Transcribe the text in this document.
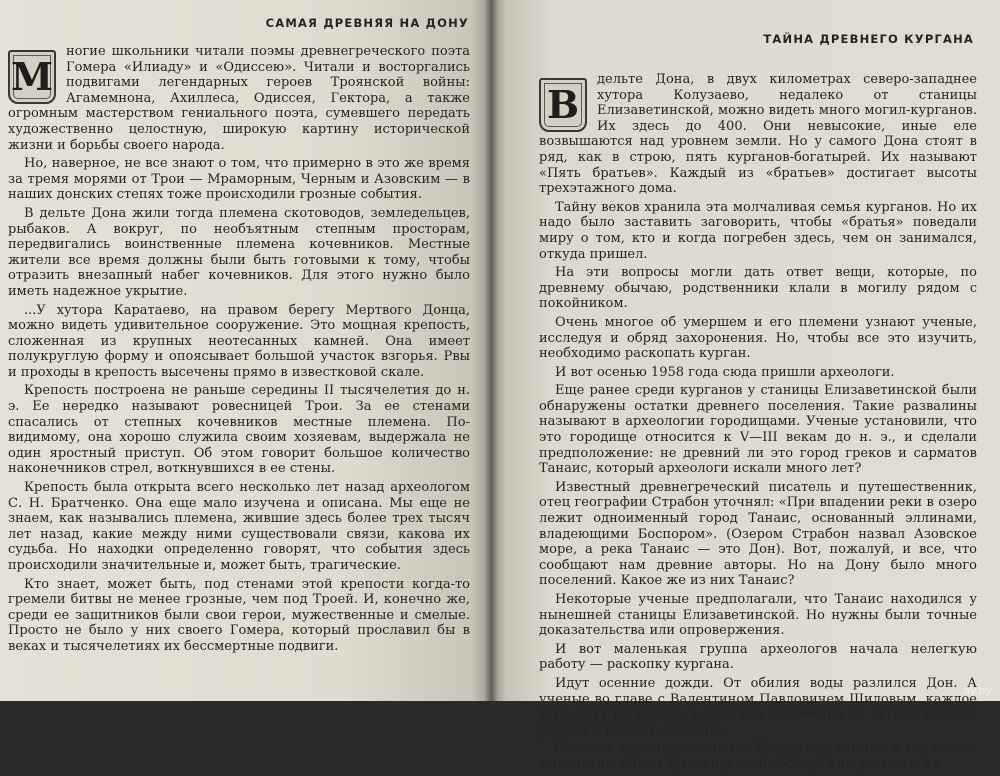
САМАЯ ДРЕВНЯЯ НА ДОНУ
М

ногие школьники читали поэмы древнегреческого поэта Гомера «Илиаду» и «Одиссею». Читали и восторгались подвигами легендарных героев Троянской войны: Агамемнона, Ахиллеса, Одиссея, Гектора, а также огромным мастерством гениального поэта, сумевшего передать художественно целостную, широкую картину исторической жизни и борьбы своего народа.

Но, наверное, не все знают о том, что примерно в это же время за тремя морями от Трои — Мраморным, Черным и Азовским — в наших донских степях тоже происходили грозные события.

В дельте Дона жили тогда племена скотоводов, земледельцев, рыбаков. А вокруг, по необъятным степным просторам, передвигались воинственные племена кочевников. Местные жители все время должны были быть готовыми к тому, чтобы отразить внезапный набег кочевников. Для этого нужно было иметь надежное укрытие.

...У хутора Каратаево, на правом берегу Мертвого Донца, можно видеть удивительное сооружение. Это мощная крепость, сложенная из крупных неотесанных камней. Она имеет полукруглую форму и опоясывает большой участок взгорья. Рвы и проходы в крепость высечены прямо в известковой скале.

Крепость построена не раньше середины II тысячелетия до н. э. Ее нередко называют ровесницей Трои. За ее стенами спасались от степных кочевников местные племена. По-видимому, она хорошо служила своим хозяевам, выдержала не один яростный приступ. Об этом говорит большое количество наконечников стрел, воткнувшихся в ее стены.

Крепость была открыта всего несколько лет назад археологом С. Н. Братченко. Она еще мало изучена и описана. Мы еще не знаем, как назывались племена, жившие здесь более трех тысяч лет назад, какие между ними существовали связи, какова их судьба. Но находки определенно говорят, что события здесь происходили значительные и, может быть, трагические.

Кто знает, может быть, под стенами этой крепости когда-то гремели битвы не менее грозные, чем под Троей. И, конечно же, среди ее защитников были свои герои, мужественные и смелые. Просто не было у них своего Гомера, который прославил бы в веках и тысячелетиях их бессмертные подвиги.

ТАЙНА ДРЕВНЕГО КУРГАНА
В

дельте Дона, в двух километрах северо-западнее хутора Колузаево, недалеко от станицы Елизаветинской, можно видеть много могил-курганов. Их здесь до 400. Они невысокие, иные еле возвышаются над уровнем земли. Но у самого Дона стоят в ряд, как в строю, пять курганов-богатырей. Их называют «Пять братьев». Каждый из «братьев» достигает высоты трехэтажного дома.

Тайну веков хранила эта молчаливая семья курганов. Но их надо было заставить заговорить, чтобы «братья» поведали миру о том, кто и когда погребен здесь, чем он занимался, откуда пришел.

На эти вопросы могли дать ответ вещи, которые, по древнему обычаю, родственники клали в могилу рядом с покойником.

Очень многое об умершем и его племени узнают ученые, исследуя и обряд захоронения. Но, чтобы все это изучить, необходимо раскопать курган.

И вот осенью 1958 года сюда пришли археологи.

Еще ранее среди курганов у станицы Елизаветинской были обнаружены остатки древнего поселения. Такие развалины называют в археологии городищами. Ученые установили, что это городище относится к V—III векам до н. э., и сделали предположение: не древний ли это город греков и сарматов Танаис, который археологи искали много лет?

Известный древнегреческий писатель и путешественник, отец географии Страбон уточнял: «При впадении реки в озеро лежит одноименный город Танаис, основанный эллинами, владеющими Боспором». (Озером Страбон назвал Азовское море, а река Танаис — это Дон). Вот, пожалуй, и все, что сообщают нам древние авторы. Но на Дону было много поселений. Какое же из них Танаис?

Некоторые ученые предполагали, что Танаис находился у нынешней станицы Елизаветинской. Но нужны были точные доказательства или опровержения.

И вот маленькая группа археологов начала нелегкую работу — раскопку кургана.

Идут осенние дожди. От обилия воды разлился Дон. А ученые во главе с Валентином Павловичем Шиловым, каждое утро идут по колено в воде два километра из хутора к месту работы и копают, копают...

Сначала курган раскапывал бульдозер, а потом в ход пошли маленькие лопатки, ножи, кисти. Осторожно двигаются в

ay.by
